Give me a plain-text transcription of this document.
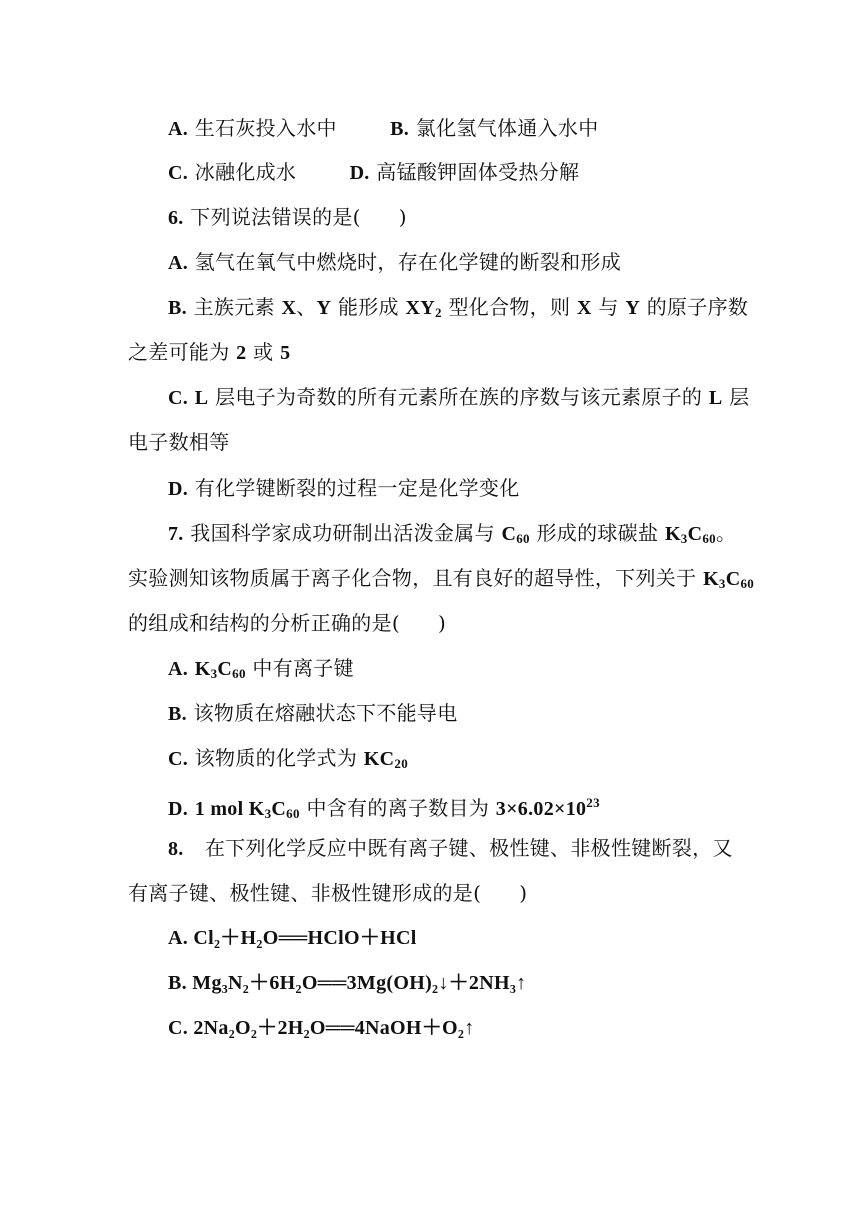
A. 生石灰投入水中	B. 氯化氢气体通入水中
C. 冰融化成水	D. 高锰酸钾固体受热分解
6. 下列说法错误的是( )
A. 氢气在氧气中燃烧时，存在化学键的断裂和形成
B. 主族元素 X、Y 能形成 $XY_2$ 型化合物，则 X 与 Y 的原子序数
之差可能为 2 或 5
C. L 层电子为奇数的所有元素所在族的序数与该元素原子的 L 层
电子数相等
D. 有化学键断裂的过程一定是化学变化
7. 我国科学家成功研制出活泼金属与 $C_{60}$ 形成的球碳盐 $K_3C_{60}$。
实验测知该物质属于离子化合物，且有良好的超导性，下列关于 $K_3C_{60}$
的组成和结构的分析正确的是( )
A. $K_3C_{60}$ 中有离子键
B. 该物质在熔融状态下不能导电
C. 该物质的化学式为 $KC_{20}$
D. 1 mol $K_3C_{60}$ 中含有的离子数目为 $3\times 6.02\times 10^{23}$
8. 在下列化学反应中既有离子键、极性键、非极性键断裂，又
有离子键、极性键、非极性键形成的是( )
A. Cl₂＋H₂O══HClO＋HCl
B. Mg₃N₂＋6H₂O══3Mg(OH)₂↓＋2NH₃↑
C. 2Na₂O₂＋2H₂O══4NaOH＋O₂↑
